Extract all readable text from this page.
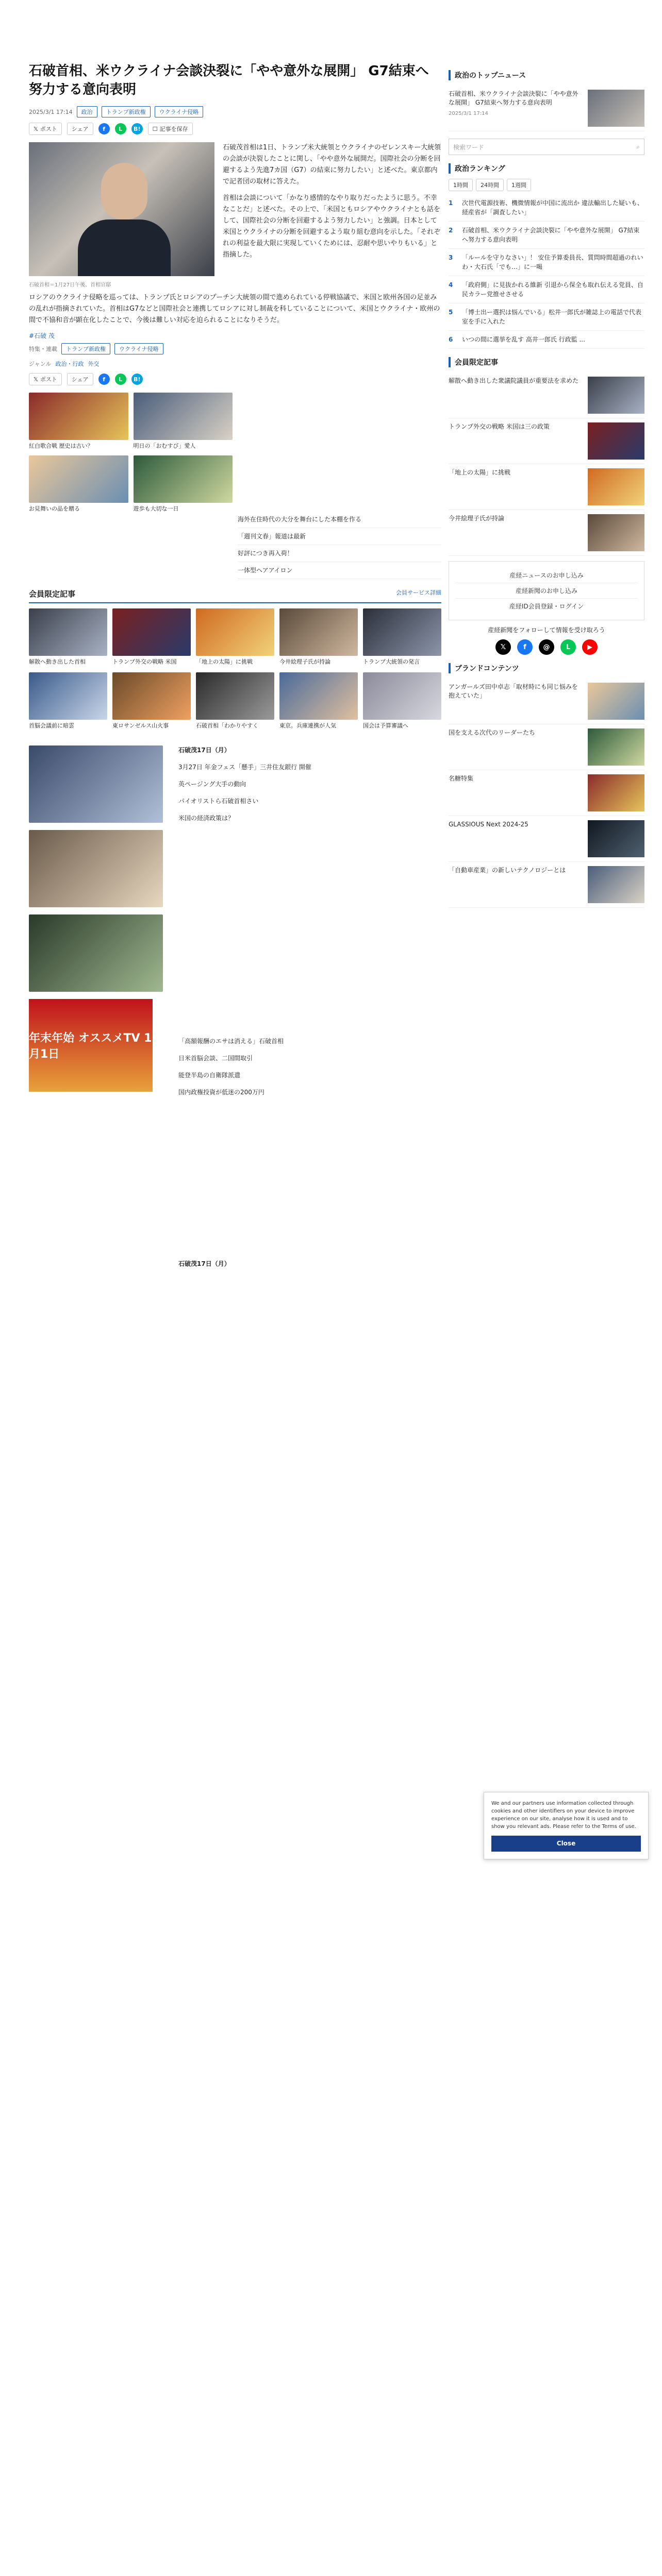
石破首相、米ウクライナ会談決裂に「やや意外な展開」 G7結束へ努力する意向表明
2025/3/1 17:14	政治	トランプ新政権	ウクライナ侵略
𝕏 ポスト	シェア	f	L	B!	☐ 記事を保存

石破茂首相は1日、トランプ米大統領とウクライナのゼレンスキー大統領の会談が決裂したことに関し、「やや意外な展開だ。国際社会の分断を回避するよう先進7カ国（G7）の結束に努力したい」と述べた。東京都内で記者団の取材に答えた。

首相は会談について「かなり感情的なやり取りだったように思う。不幸なことだ」と述べた。その上で、「米国ともロシアやウクライナとも話をして、国際社会の分断を回避するよう努力したい」と強調。日本として米国とウクライナの分断を回避するよう取り組む意向を示した。「それぞれの利益を最大限に実現していくためには、忍耐や思いやりもいる」と指摘した。

石破首相＝1月27日午後、首相官邸

ロシアのウクライナ侵略を巡っては、トランプ氏とロシアのプーチン大統領の間で進められている停戦協議で、米国と欧州各国の足並みの乱れが指摘されていた。首相はG7などと国際社会と連携してロシアに対し制裁を科していることについて、米国とウクライナ・欧州の間で不協和音が顕在化したことで、今後は難しい対応を迫られることになりそうだ。

#石破 茂
特集・連載	トランプ新政権	ウクライナ侵略
ジャンル 政治・行政 外交
𝕏 ポスト	シェア	f	L	B!
紅白歌合戦 歴史は古い？	明日の「おむすび」愛人
お見舞いの品を贈る	遊歩も大切な一日
海外在住時代の大分を舞台にした本棚を作る
「週刊文春」報道は最新
好評につき再入荷！
一体型ヘアアイロン
会員限定記事	会員サービス詳細
解散へ動き出した首相	トランプ外交の戦略 米国	「地上の太陽」に挑戦	今井絵理子氏が持論	トランプ大統領の発言
首脳会議前に暗雲	東ロサンゼルス山火事	石破首相「わかりやすく	東京。兵庫連携が人気	国会は予算審議へ
年末年始 オススメTV 1月1日
石破茂17日（月）
3月27日 年金フェス「懸手」三井住友銀行 開催
英ページング大手の動向
パイオリストら石破首相さい
米国の経済政策は？
「高額報酬のエサは消える」石破首相
日米首脳会談、二国間取引
能登半島の自衛隊派遣
国内政権投資が低迷の200万円
石破茂17日（月）
政治のトップニュース
石破首相、米ウクライナ会談決裂に「やや意外な展開」 G7結束へ努力する意向表明
2025/3/1 17:14
検索ワード	⌕
政治ランキング
1時間	24時間	1週間
1	次世代電源技術、機微情報が中国に流出か 違法輸出した疑いも、経産省が「調査したい」
2	石破首相、米ウクライナ会談決裂に「やや意外な展開」 G7結束へ努力する意向表明
3	「ルールを守りなさい」！ 安住予算委員長、質問時間超過のれいわ・大石氏「でも…」に一喝
4	「政府側」に見抜かれる維新 引退から保全も取れ伝える党員、自民カラー党推せさせる
5	「博士出ー選択は悩んでいる」松井一郎氏が雑誌上の電話で代表室を手に入れた
6	いつの間に選挙を乱す 高井一郎氏 行政監 ...
会員限定記事
解散へ動き出した衆議院議員が重要法を求めた
トランプ外交の戦略 米国は三の政策
「地上の太陽」に挑戦
今井絵理子氏が持論
産経ニュースのお申し込み
産経新聞のお申し込み
産経ID会員登録・ログイン
産経新聞をフォローして情報を受け取ろう
𝕏	f	@	L	▶
ブランドコンテンツ
アンガールズ田中卓志「取材時にも同じ悩みを抱えていた」
国を支える次代のリーダーたち
名糖特集
GLASSIOUS Next 2024-25
「自動車産業」の新しいテクノロジーとは
We and our partners use information collected through cookies and other identifiers on your device to improve experience on our site, analyse how it is used and to show you relevant ads. Please refer to the Terms of use.
Close
